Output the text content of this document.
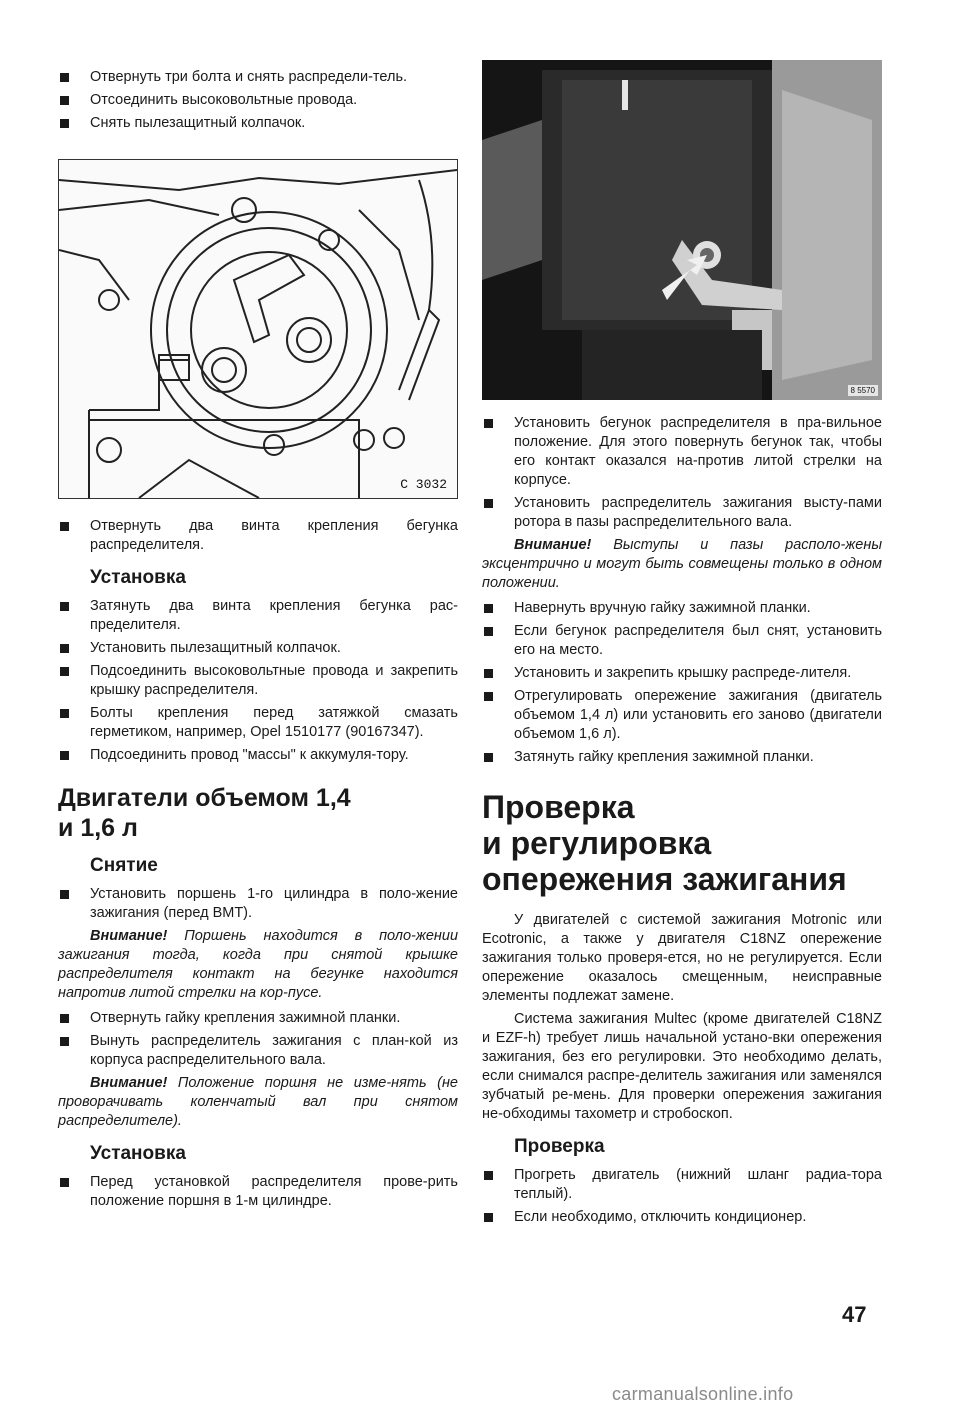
Отвернуть три болта и снять распредели-тель.
Отсоединить высоковольтные провода.
Снять пылезащитный колпачок.
C 3032
Отвернуть два винта крепления бегунка распределителя.
Установка
Затянуть два винта крепления бегунка рас-пределителя.
Установить пылезащитный колпачок.
Подсоединить высоковольтные провода и закрепить крышку распределителя.
Болты крепления перед затяжкой смазать герметиком, например, Opel 1510177 (90167347).
Подсоединить провод "массы" к аккумуля-тору.
Двигатели объемом 1,4 и 1,6 л
Снятие
Установить поршень 1-го цилиндра в поло-жение зажигания (перед ВМТ).

Внимание! Поршень находится в поло-жении зажигания тогда, когда при снятой крышке распределителя контакт на бегунке находится напротив литой стрелки на кор-пусе.

Отвернуть гайку крепления зажимной планки.
Вынуть распределитель зажигания с план-кой из корпуса распределительного вала.

Внимание! Положение поршня не изме-нять (не проворачивать коленчатый вал при снятом распределителе).

Установка
Перед установкой распределителя прове-рить положение поршня в 1-м цилиндре.
8 5570
Установить бегунок распределителя в пра-вильное положение. Для этого повернуть бегунок так, чтобы его контакт оказался на-против литой стрелки на корпусе.
Установить распределитель зажигания высту-пами ротора в пазы распределительного вала.

Внимание! Выступы и пазы располо-жены эксцентрично и могут быть совмещены только в одном положении.

Навернуть вручную гайку зажимной планки.
Если бегунок распределителя был снят, установить его на место.
Установить и закрепить крышку распреде-лителя.
Отрегулировать опережение зажигания (двигатель объемом 1,4 л) или установить его заново (двигатели объемом 1,6 л).
Затянуть гайку крепления зажимной планки.
Проверка
и регулировка
опережения зажигания

У двигателей с системой зажигания Motronic или Ecotronic, а также у двигателя C18NZ опережение зажигания только проверя-ется, но не регулируется. Если опережение оказалось смещенным, неисправные элементы подлежат замене.

Система зажигания Multec (кроме двигателей C18NZ и EZF-h) требует лишь начальной устано-вки опережения зажигания, без его регулировки. Это необходимо делать, если снимался распре-делитель зажигания или заменялся зубчатый ре-мень. Для проверки опережения зажигания не-обходимы тахометр и стробоскоп.

Проверка
Прогреть двигатель (нижний шланг радиа-тора теплый).
Если необходимо, отключить кондиционер.
47
carmanualsonline.info
